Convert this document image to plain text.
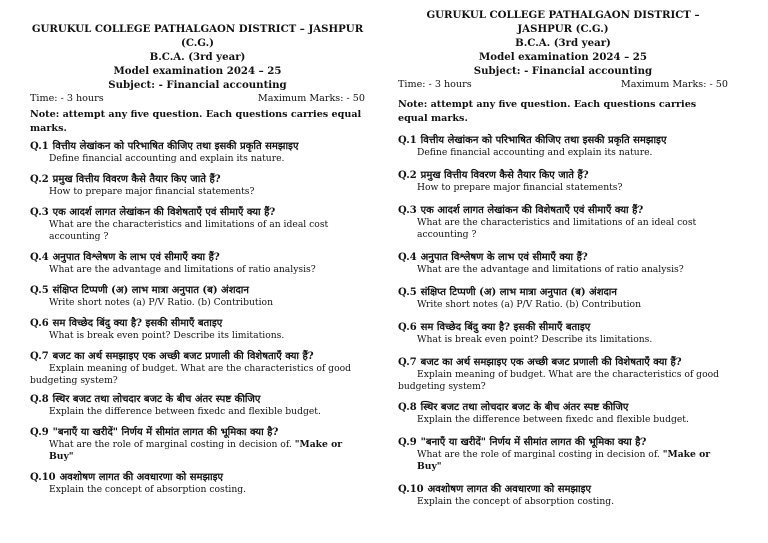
GURUKUL COLLEGE PATHALGAON DISTRICT – JASHPUR (C.G.)
B.C.A. (3rd year)
Model examination 2024 – 25
Subject: - Financial accounting
Time: - 3 hours	Maximum Marks: - 50
Note: attempt any five question. Each questions carries equal marks.
Q.1 वित्तीय लेखांकन को परिभाषित कीजिए तथा इसकी प्रकृति समझाइए
Define financial accounting and explain its nature.
Q.2 प्रमुख वित्तीय विवरण कैसे तैयार किए जाते हैं?
How to prepare major financial statements?
Q.3 एक आदर्श लागत लेखांकन की विशेषताएँ एवं सीमाएँ क्या हैं?
What are the characteristics and limitations of an ideal cost accounting ?
Q.4 अनुपात विश्लेषण के लाभ एवं सीमाएँ क्या हैं?
What are the advantage and limitations of ratio analysis?
Q.5 संक्षिप्त टिप्पणी (अ) लाभ मात्रा अनुपात (ब) अंशदान
Write short notes (a) P/V Ratio. (b) Contribution
Q.6 सम विच्छेद बिंदु क्या है? इसकी सीमाएँ बताइए
What is break even point? Describe its limitations.
Q.7 बजट का अर्थ समझाइए एक अच्छी बजट प्रणाली की विशेषताएँ क्या हैं?
Explain meaning of budget. What are the characteristics of good budgeting system?
Q.8 स्थिर बजट तथा लोचदार बजट के बीच अंतर स्पष्ट कीजिए
Explain the difference between fixedc and flexible budget.
Q.9 "बनाएँ या खरीदें" निर्णय में सीमांत लागत की भूमिका क्या है?
What are the role of marginal costing in decision of. "Make or Buy"
Q.10 अवशोषण लागत की अवधारणा को समझाइए
Explain the concept of absorption costing.
GURUKUL COLLEGE PATHALGAON DISTRICT – JASHPUR (C.G.)
B.C.A. (3rd year)
Model examination 2024 – 25
Subject: - Financial accounting
Time: - 3 hours	Maximum Marks: - 50
Note: attempt any five question. Each questions carries equal marks.
Q.1 वित्तीय लेखांकन को परिभाषित कीजिए तथा इसकी प्रकृति समझाइए
Define financial accounting and explain its nature.
Q.2 प्रमुख वित्तीय विवरण कैसे तैयार किए जाते हैं?
How to prepare major financial statements?
Q.3 एक आदर्श लागत लेखांकन की विशेषताएँ एवं सीमाएँ क्या हैं?
What are the characteristics and limitations of an ideal cost accounting ?
Q.4 अनुपात विश्लेषण के लाभ एवं सीमाएँ क्या हैं?
What are the advantage and limitations of ratio analysis?
Q.5 संक्षिप्त टिप्पणी (अ) लाभ मात्रा अनुपात (ब) अंशदान
Write short notes (a) P/V Ratio. (b) Contribution
Q.6 सम विच्छेद बिंदु क्या है? इसकी सीमाएँ बताइए
What is break even point? Describe its limitations.
Q.7 बजट का अर्थ समझाइए एक अच्छी बजट प्रणाली की विशेषताएँ क्या हैं?
Explain meaning of budget. What are the characteristics of good budgeting system?
Q.8 स्थिर बजट तथा लोचदार बजट के बीच अंतर स्पष्ट कीजिए
Explain the difference between fixedc and flexible budget.
Q.9 "बनाएँ या खरीदें" निर्णय में सीमांत लागत की भूमिका क्या है?
What are the role of marginal costing in decision of. "Make or Buy"
Q.10 अवशोषण लागत की अवधारणा को समझाइए
Explain the concept of absorption costing.
